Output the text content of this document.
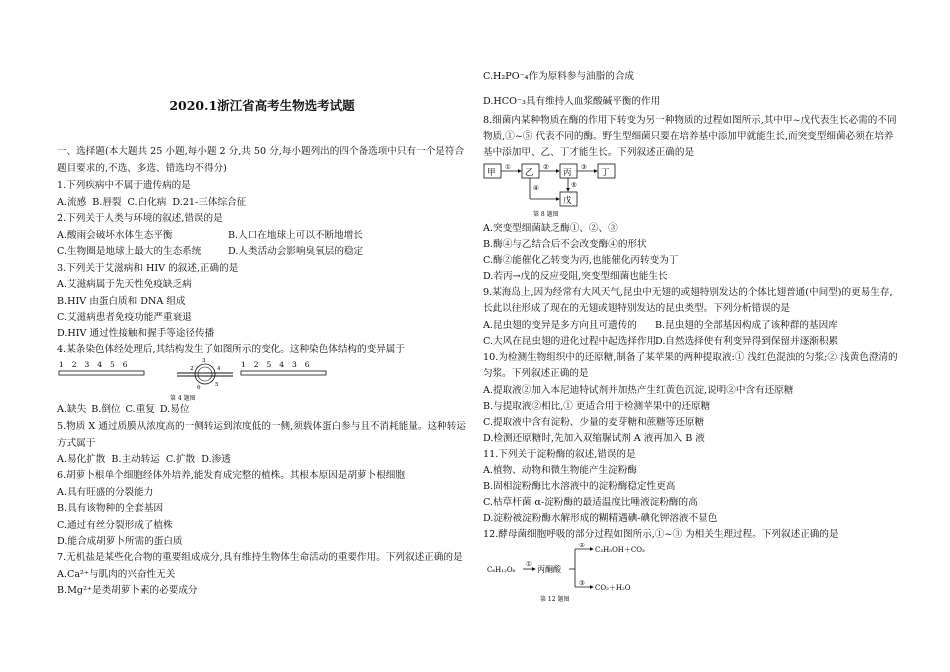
2020.1浙江省高考生物选考试题

一、选择题(本大题共 25 小题,每小题 2 分,共 50 分,每小题列出的四个备选项中只有一个是符合题目要求的,不选、多选、错选均不得分)

1.下列疾病中不属于遗传病的是

A.流感 B.唇裂 C.白化病 D.21-三体综合征

2.下列关于人类与环境的叙述,错误的是

A.酸雨会破坏水体生态平衡	B.人口在地球上可以不断地增长

C.生物圈是地球上最大的生态系统	D.人类活动会影响臭氧层的稳定

3.下列关于艾滋病和 HIV 的叙述,正确的是

A.艾滋病属于先天性免疫缺乏病

B.HIV 由蛋白质和 DNA 组成

C.艾滋病患者免疫功能严重衰退

D.HIV 通过性接触和握手等途径传播

4.某条染色体经处理后,其结构发生了如图所示的变化。这种染色体结构的变异属于

A.缺失 B.倒位 C.重复 D.易位

5.物质 X 通过质膜从浓度高的一侧转运到浓度低的一侧,须载体蛋白参与且不消耗能量。这种转运方式属于

A.易化扩散 B.主动转运 C.扩散 D.渗透

6.胡萝卜根单个细胞经体外培养,能发育成完整的植株。其根本原因是胡萝卜根细胞

A.具有旺盛的分裂能力

B.具有该物种的全套基因

C.通过有丝分裂形成了植株

D.能合成胡萝卜所需的蛋白质

7.无机盐是某些化合物的重要组成成分,具有维持生物体生命活动的重要作用。下列叙述正确的是

A.Ca²⁺与肌肉的兴奋性无关

B.Mg²⁺是类胡萝卜素的必要成分

1 2 3 4 5 6	3
4
5
6
2
第 4 题图
1 2 5 4 3 6

C.H₂PO⁻₄作为原料参与油脂的合成

D.HCO⁻₃具有维持人血浆酸碱平衡的作用

8.细菌内某种物质在酶的作用下转变为另一种物质的过程如图所示,其中甲~戊代表生长必需的不同

物质,①~⑤ 代表不同的酶。野生型细菌只要在培养基中添加甲就能生长,而突变型细菌必须在培养

基中添加甲、乙、丁才能生长。下列叙述正确的是

A.突变型细菌缺乏酶①、②、③

B.酶④与乙结合后不会改变酶④的形状

C.酶②能催化乙转变为丙,也能催化丙转变为丁

D.若丙→戊的反应受阻,突变型细菌也能生长

9.某海岛上,因为经常有大风天气,昆虫中无翅的或翅特别发达的个体比翅普通(中间型)的更易生存,

长此以往形成了现在的无翅或翅特别发达的昆虫类型。下列分析错误的是

A.昆虫翅的变异是多方向且可遗传的 B.昆虫翅的全部基因构成了该种群的基因库

C.大风在昆虫翅的进化过程中起选择作用

D.自然选择使有利变异得到保留并逐渐积累

10.为检测生物组织中的还原糖,制备了某苹果的两种提取液:① 浅红色混浊的匀浆;② 浅黄色澄清的

匀浆。下列叙述正确的是

A.提取液②加入本尼迪特试剂并加热产生红黄色沉淀,说明②中含有还原糖

B.与提取液②相比,① 更适合用于检测苹果中的还原糖

C.提取液中含有淀粉、少量的麦芽糖和蔗糖等还原糖

D.检测还原糖时,先加入双缩脲试剂 A 液再加入 B 液

11.下列关于淀粉酶的叙述,错误的是

A.植物、动物和微生物能产生淀粉酶

B.固相淀粉酶比水溶液中的淀粉酶稳定性更高

C.枯草杆菌 α-淀粉酶的最适温度比唾液淀粉酶的高

D.淀粉被淀粉酶水解形成的糊精遇碘-碘化钾溶液不显色

12.酵母菌细胞呼吸的部分过程如图所示,①~③ 为相关生理过程。下列叙述正确的是

甲
①
乙
②
丙
③
丁
④	⑤
戊
第 8 题图
C₆H₁₂O₆
①
丙酮酸
②
C₂H₅OH＋CO₂
③
CO₂＋H₂O
第 12 题图
